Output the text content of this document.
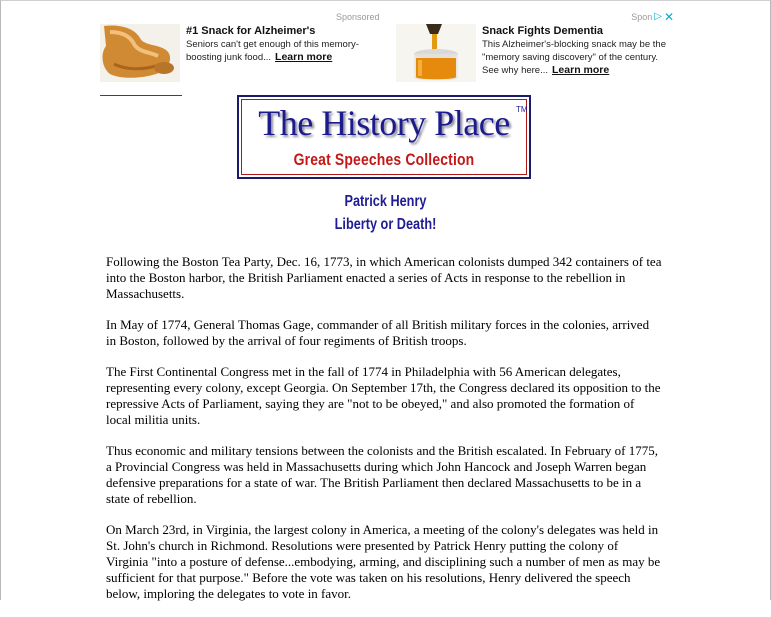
Sponsored	Spon ▷ ✕
#1 Snack for Alzheimer's
Seniors can't get enough of this memory-boosting junk food... Learn more
Snack Fights Dementia
This Alzheimer's-blocking snack may be the "memory saving discovery" of the century. See why here... Learn more
The History Place TM
Great Speeches Collection
Patrick Henry
Liberty or Death!

Following the Boston Tea Party, Dec. 16, 1773, in which American colonists dumped 342 containers of tea into the Boston harbor, the British Parliament enacted a series of Acts in response to the rebellion in Massachusetts.

In May of 1774, General Thomas Gage, commander of all British military forces in the colonies, arrived in Boston, followed by the arrival of four regiments of British troops.

The First Continental Congress met in the fall of 1774 in Philadelphia with 56 American delegates, representing every colony, except Georgia. On September 17th, the Congress declared its opposition to the repressive Acts of Parliament, saying they are "not to be obeyed," and also promoted the formation of local militia units.

Thus economic and military tensions between the colonists and the British escalated. In February of 1775, a Provincial Congress was held in Massachusetts during which John Hancock and Joseph Warren began defensive preparations for a state of war. The British Parliament then declared Massachusetts to be in a state of rebellion.

On March 23rd, in Virginia, the largest colony in America, a meeting of the colony's delegates was held in St. John's church in Richmond. Resolutions were presented by Patrick Henry putting the colony of Virginia "into a posture of defense...embodying, arming, and disciplining such a number of men as may be sufficient for that purpose." Before the vote was taken on his resolutions, Henry delivered the speech below, imploring the delegates to vote in favor.
